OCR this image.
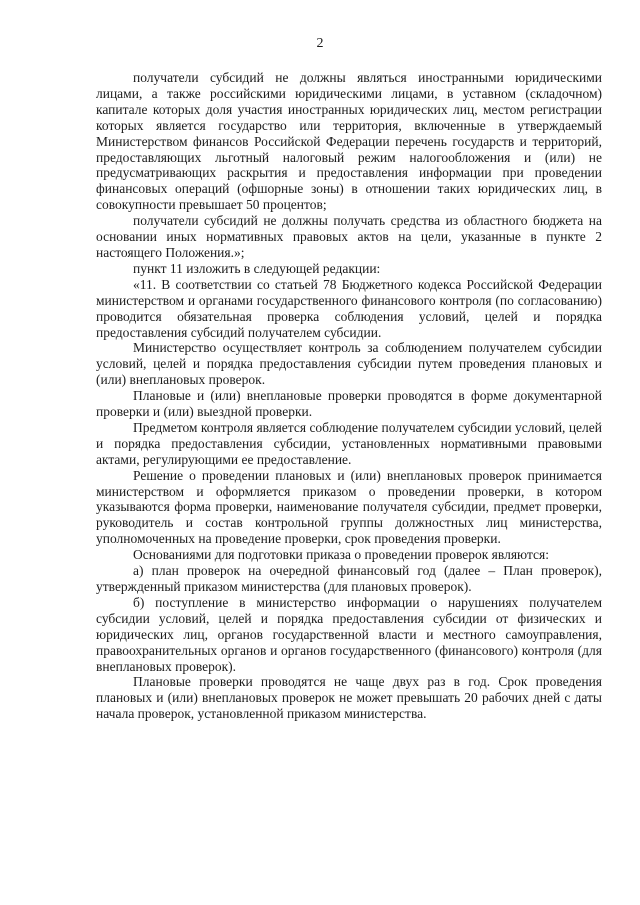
2

получатели субсидий не должны являться иностранными юридическими лицами, а также российскими юридическими лицами, в уставном (складочном) капитале которых доля участия иностранных юридических лиц, местом регистрации которых является государство или территория, включенные в утверждаемый Министерством финансов Российской Федерации перечень государств и территорий, предоставляющих льготный налоговый режим налогообложения и (или) не предусматривающих раскрытия и предоставления информации при проведении финансовых операций (офшорные зоны) в отношении таких юридических лиц, в совокупности превышает 50 процентов;

получатели субсидий не должны получать средства из областного бюджета на основании иных нормативных правовых актов на цели, указанные в пункте 2 настоящего Положения.»;

пункт 11 изложить в следующей редакции:

«11. В соответствии со статьей 78 Бюджетного кодекса Российской Федерации министерством и органами государственного финансового контроля (по согласованию) проводится обязательная проверка соблюдения условий, целей и порядка предоставления субсидий получателем субсидии.

Министерство осуществляет контроль за соблюдением получателем субсидии условий, целей и порядка предоставления субсидии путем проведения плановых и (или) внеплановых проверок.

Плановые и (или) внеплановые проверки проводятся в форме документарной проверки и (или) выездной проверки.

Предметом контроля является соблюдение получателем субсидии условий, целей и порядка предоставления субсидии, установленных нормативными правовыми актами, регулирующими ее предоставление.

Решение о проведении плановых и (или) внеплановых проверок принимается министерством и оформляется приказом о проведении проверки, в котором указываются форма проверки, наименование получателя субсидии, предмет проверки, руководитель и состав контрольной группы должностных лиц министерства, уполномоченных на проведение проверки, срок проведения проверки.

Основаниями для подготовки приказа о проведении проверок являются:

а) план проверок на очередной финансовый год (далее – План проверок), утвержденный приказом министерства (для плановых проверок).

б) поступление в министерство информации о нарушениях получателем субсидии условий, целей и порядка предоставления субсидии от физических и юридических лиц, органов государственной власти и местного самоуправления, правоохранительных органов и органов государственного (финансового) контроля (для внеплановых проверок).

Плановые проверки проводятся не чаще двух раз в год. Срок проведения плановых и (или) внеплановых проверок не может превышать 20 рабочих дней с даты начала проверок, установленной приказом министерства.
